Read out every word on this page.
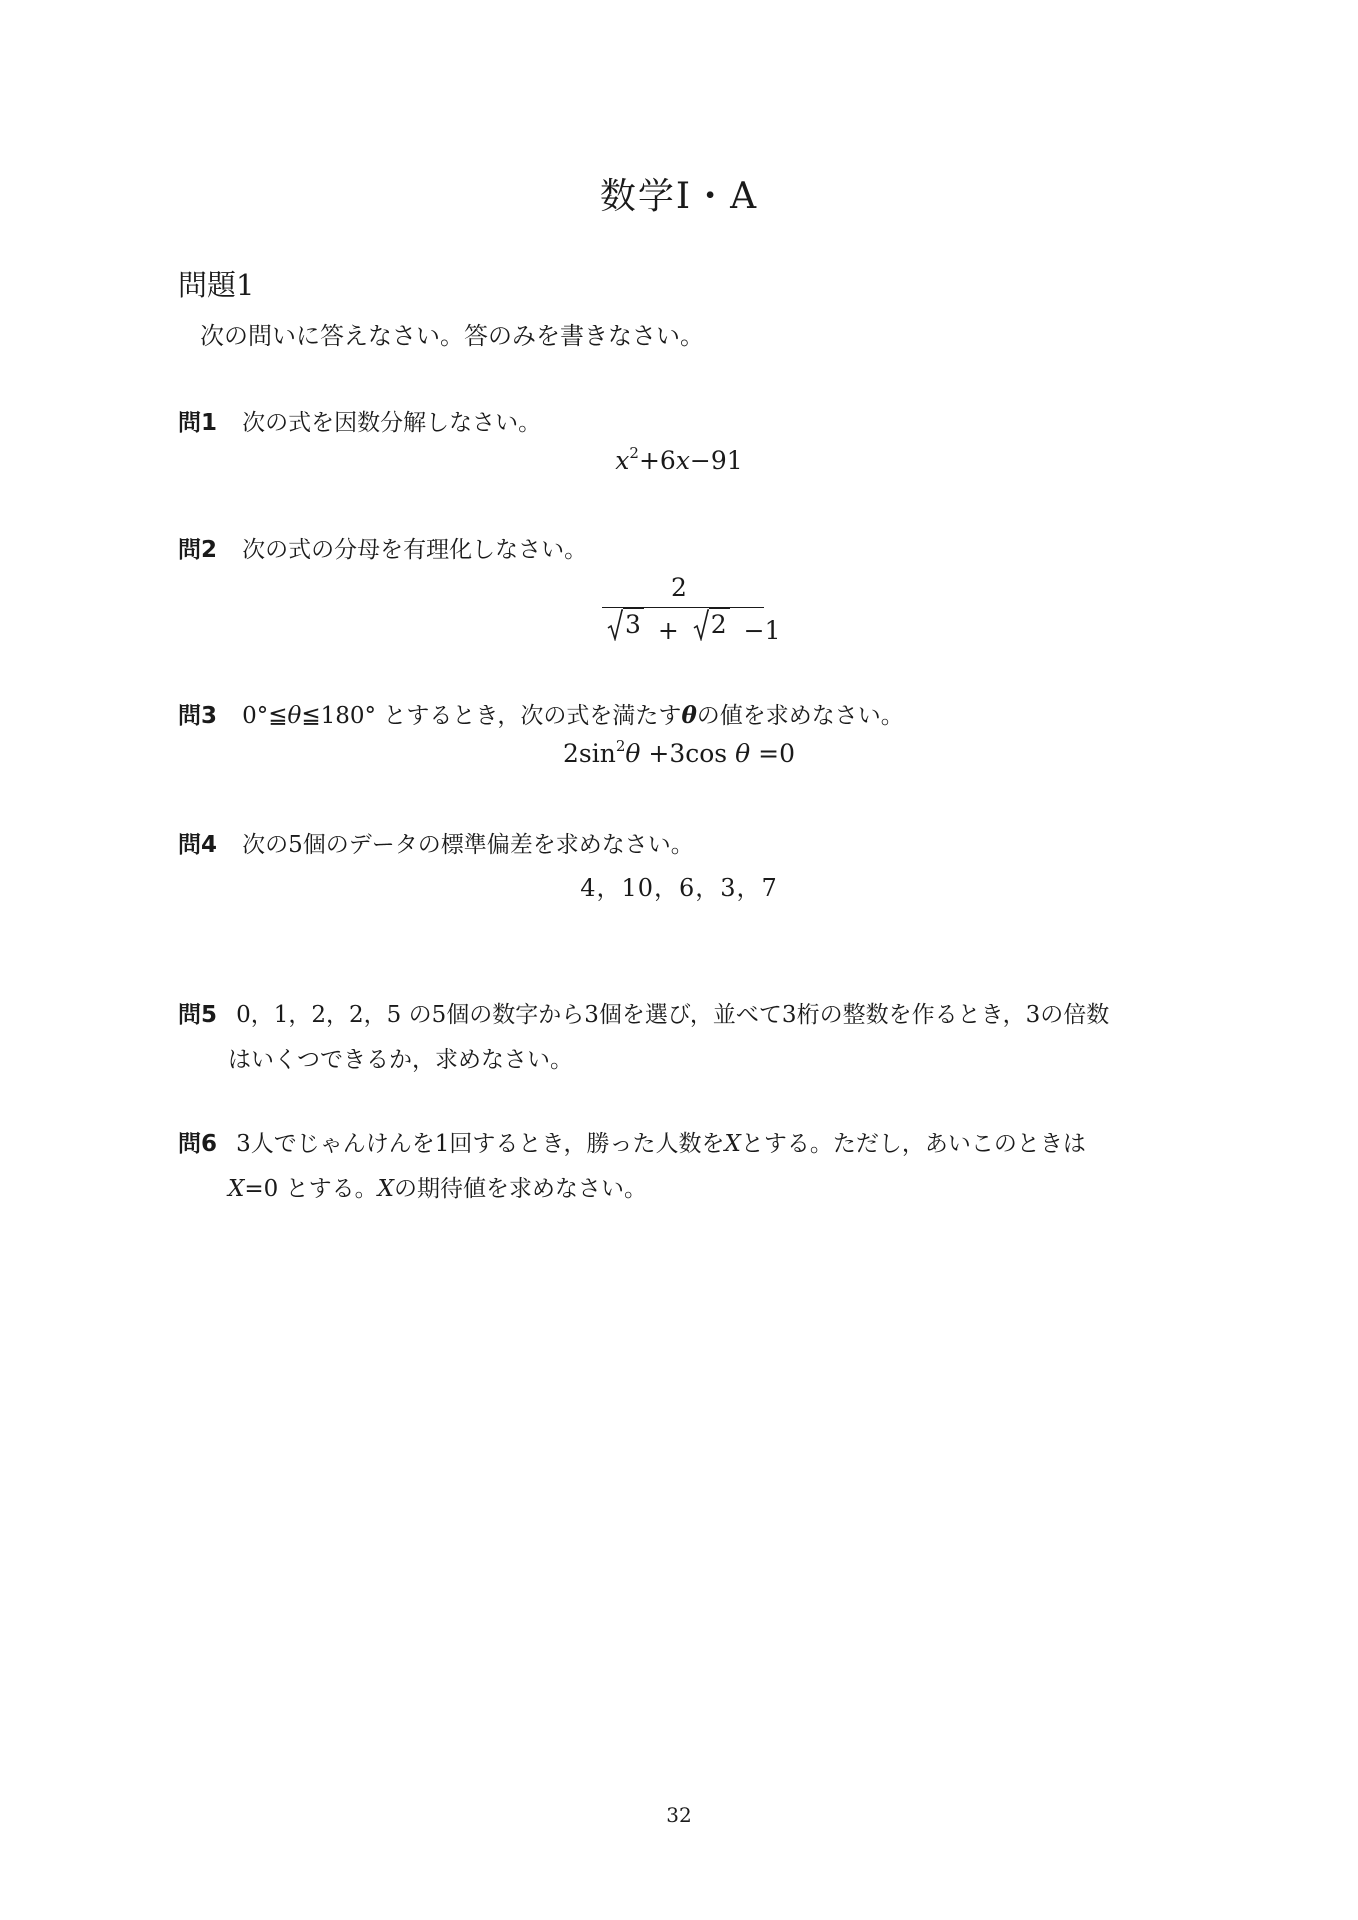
数学Ⅰ・A
問題1
次の問いに答えなさい。答のみを書きなさい。
問1 次の式を因数分解しなさい。
$x^2+6x-91$
問2 次の式の分母を有理化しなさい。
2
3 + 2 −1
問3 0°≦θ≦180° とするとき，次の式を満たすθの値を求めなさい。
$2\sin^2\theta +3\cos$ θ =0
問4 次の5個のデータの標準偏差を求めなさい。
4，10，6，3，7
問5 0，1，2，2，5 の5個の数字から3個を選び，並べて3桁の整数を作るとき，3の倍数
はいくつできるか，求めなさい。
問6 3人でじゃんけんを1回するとき，勝った人数をXとする。ただし，あいこのときは
X=0 とする。Xの期待値を求めなさい。
32
